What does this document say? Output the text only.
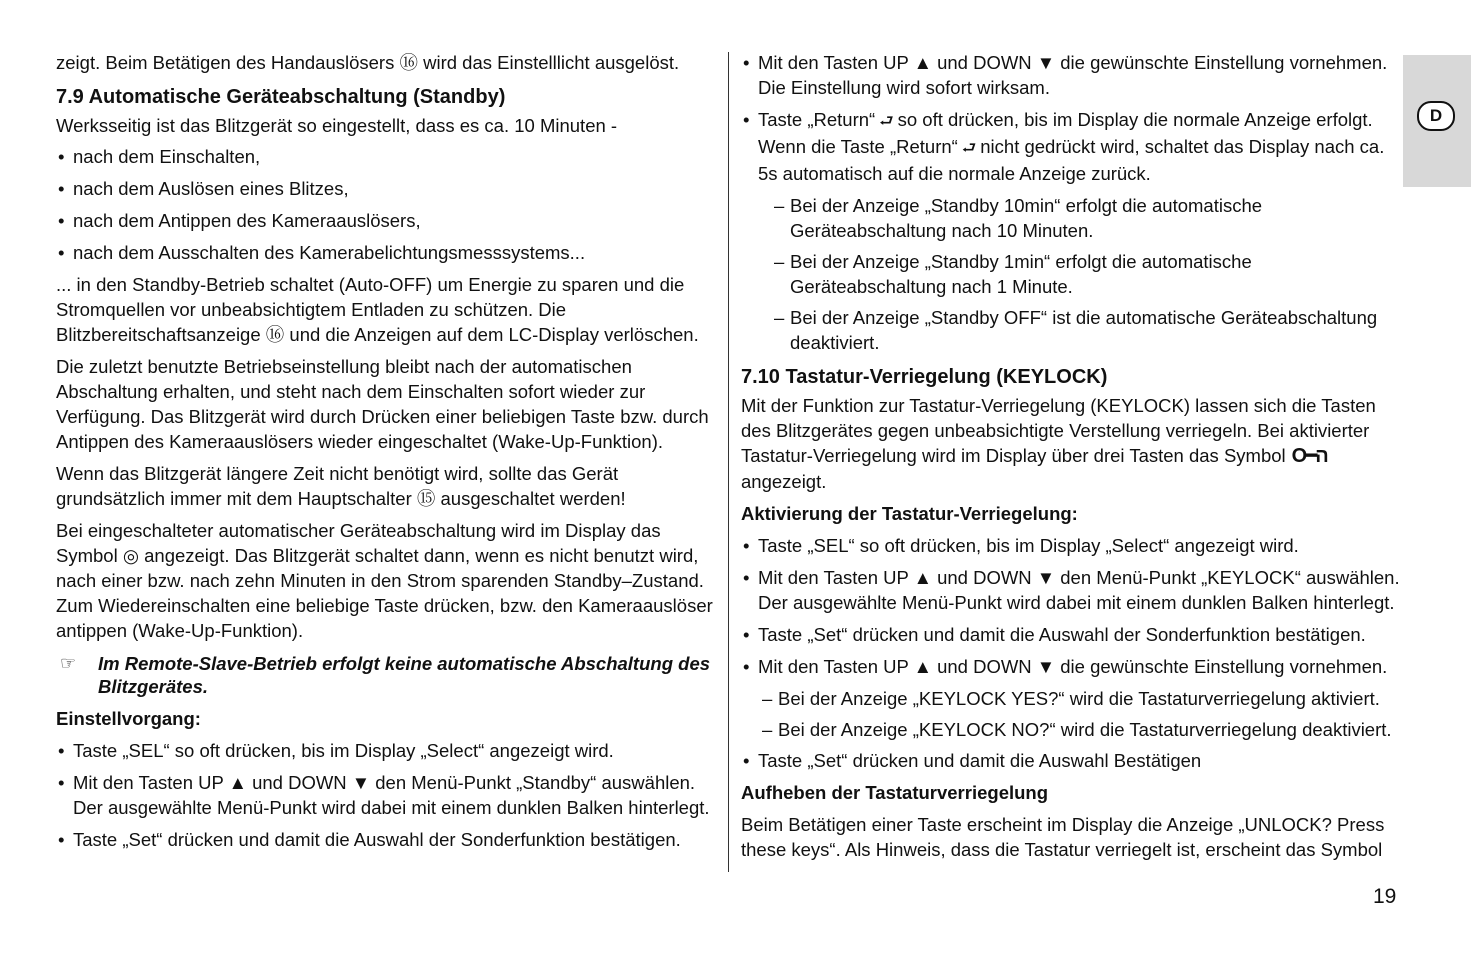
D

zeigt. Beim Betätigen des Handauslösers ⑯ wird das Einstelllicht ausgelöst.

7.9 Automatische Geräteabschaltung (Standby)

Werksseitig ist das Blitzgerät so eingestellt, dass es ca. 10 Minuten -

• nach dem Einschalten,
• nach dem Auslösen eines Blitzes,
• nach dem Antippen des Kameraauslösers,
• nach dem Ausschalten des Kamerabelichtungsmesssystems...

... in den Standby-Betrieb schaltet (Auto-OFF) um Energie zu sparen und die Stromquellen vor unbeabsichtigtem Entladen zu schützen. Die Blitzbereitschaftsanzeige ⑯ und die Anzeigen auf dem LC-Display verlöschen.

Die zuletzt benutzte Betriebseinstellung bleibt nach der automatischen Abschaltung erhalten, und steht nach dem Einschalten sofort wieder zur Verfügung. Das Blitzgerät wird durch Drücken einer beliebigen Taste bzw. durch Antippen des Kameraauslösers wieder eingeschaltet (Wake-Up-Funktion).

Wenn das Blitzgerät längere Zeit nicht benötigt wird, sollte das Gerät grundsätzlich immer mit dem Hauptschalter ⑮ ausgeschaltet werden!

Bei eingeschalteter automatischer Geräteabschaltung wird im Display das Symbol ◎ angezeigt. Das Blitzgerät schaltet dann, wenn es nicht benutzt wird, nach einer bzw. nach zehn Minuten in den Strom sparenden Standby–Zustand. Zum Wiedereinschalten eine beliebige Taste drücken, bzw. den Kameraauslöser antippen (Wake-Up-Funktion).

☞ Im Remote-Slave-Betrieb erfolgt keine automatische Abschaltung des Blitzgerätes.

Einstellvorgang:

• Taste „SEL“ so oft drücken, bis im Display „Select“ angezeigt wird.
• Mit den Tasten UP ▲ und DOWN ▼ den Menü-Punkt „Standby“ auswählen. Der ausgewählte Menü-Punkt wird dabei mit einem dunklen Balken hinterlegt.
• Taste „Set“ drücken und damit die Auswahl der Sonderfunktion bestätigen.
• Mit den Tasten UP ▲ und DOWN ▼ die gewünschte Einstellung vornehmen. Die Einstellung wird sofort wirksam.
• Taste „Return“ ⮐ so oft drücken, bis im Display die normale Anzeige erfolgt. Wenn die Taste „Return“ ⮐ nicht gedrückt wird, schaltet das Display nach ca. 5s automatisch auf die normale Anzeige zurück.
– Bei der Anzeige „Standby 10min“ erfolgt die automatische Geräteabschaltung nach 10 Minuten.
– Bei der Anzeige „Standby 1min“ erfolgt die automatische Geräteabschaltung nach 1 Minute.
– Bei der Anzeige „Standby OFF“ ist die automatische Geräteabschaltung deaktiviert.
7.10 Tastatur-Verriegelung (KEYLOCK)

Mit der Funktion zur Tastatur-Verriegelung (KEYLOCK) lassen sich die Tasten des Blitzgerätes gegen unbeabsichtigte Verstellung verriegeln. Bei aktivierter Tastatur-Verriegelung wird im Display über drei Tasten das Symbol O━הangezeigt.

Aktivierung der Tastatur-Verriegelung:

• Taste „SEL“ so oft drücken, bis im Display „Select“ angezeigt wird.
• Mit den Tasten UP ▲ und DOWN ▼ den Menü-Punkt „KEYLOCK“ auswählen. Der ausgewählte Menü-Punkt wird dabei mit einem dunklen Balken hinterlegt.
• Taste „Set“ drücken und damit die Auswahl der Sonderfunktion bestätigen.
• Mit den Tasten UP ▲ und DOWN ▼ die gewünschte Einstellung vornehmen.
– Bei der Anzeige „KEYLOCK YES?“ wird die Tastaturverriegelung aktiviert.
– Bei der Anzeige „KEYLOCK NO?“ wird die Tastaturverriegelung deaktiviert.
• Taste „Set“ drücken und damit die Auswahl Bestätigen

Aufheben der Tastaturverriegelung

Beim Betätigen einer Taste erscheint im Display die Anzeige „UNLOCK? Press these keys“. Als Hinweis, dass die Tastatur verriegelt ist, erscheint das Symbol

19
